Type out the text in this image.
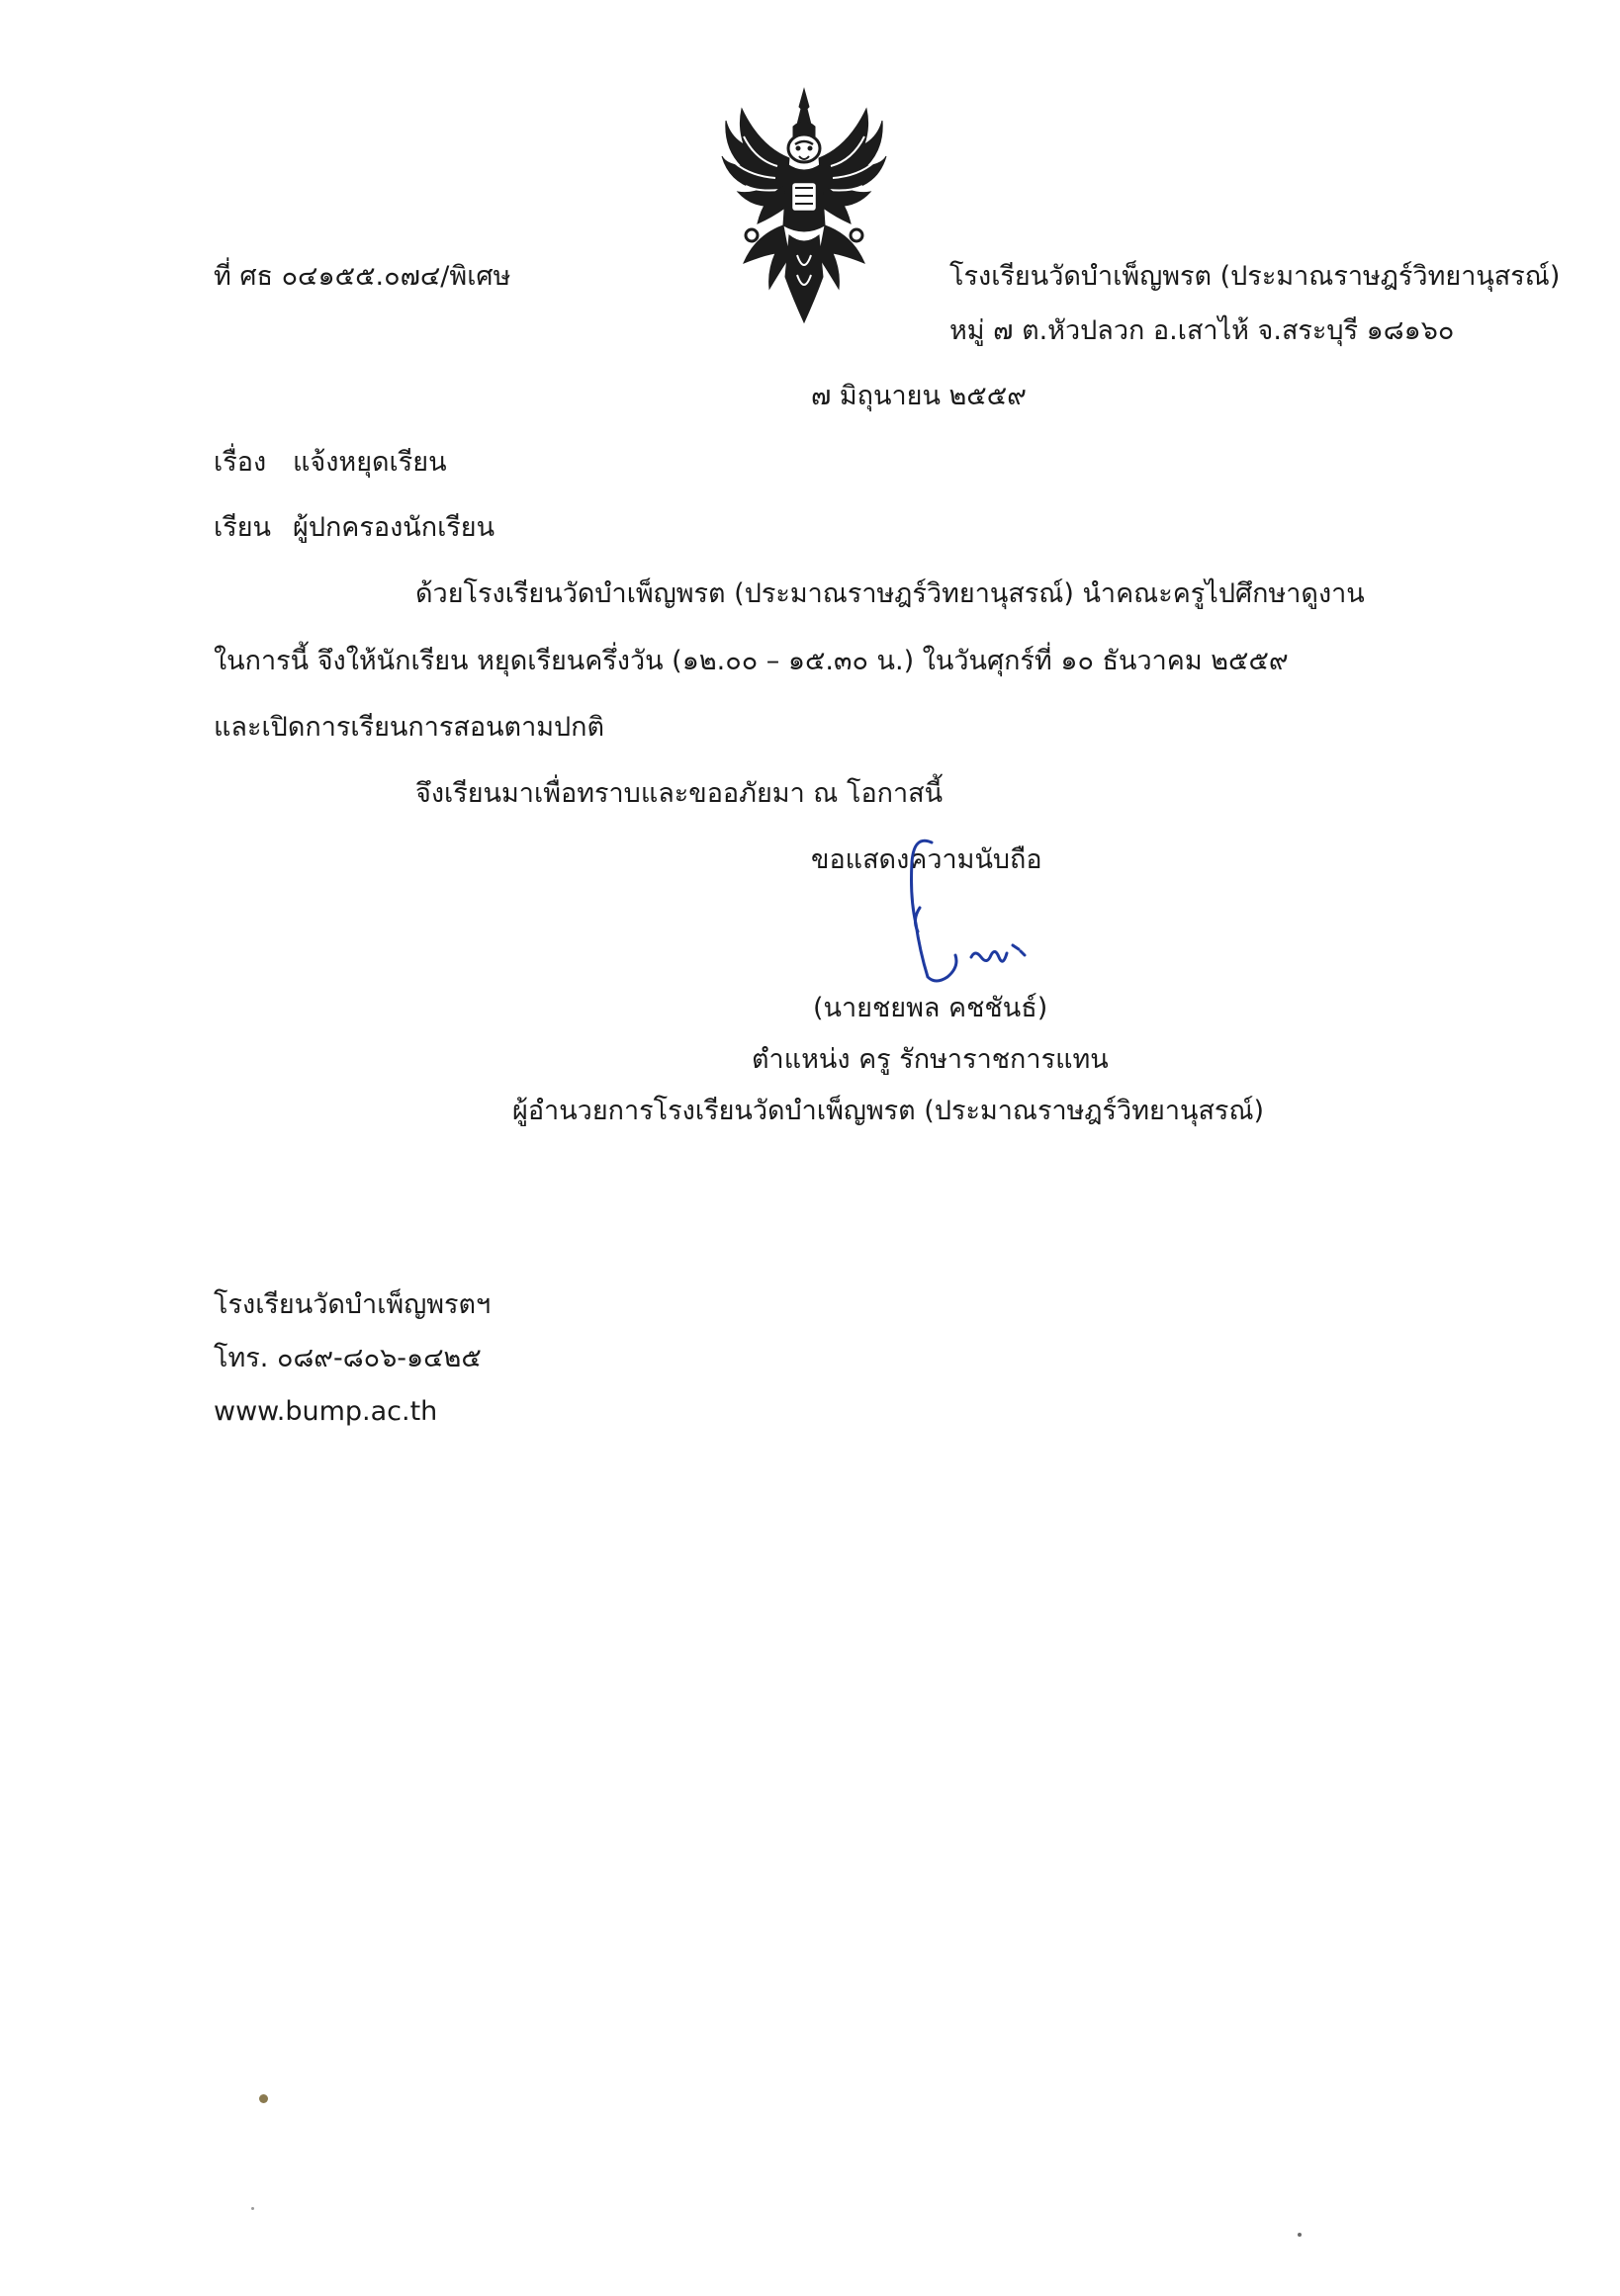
ที่ ศธ ๐๔๑๕๕.๐๗๔/พิเศษ	โรงเรียนวัดบำเพ็ญพรต (ประมาณราษฎร์วิทยานุสรณ์)
หมู่ ๗ ต.หัวปลวก อ.เสาไห้ จ.สระบุรี ๑๘๑๖๐
๗ มิถุนายน ๒๕๕๙
เรื่อง แจ้งหยุดเรียน
เรียน ผู้ปกครองนักเรียน
ด้วยโรงเรียนวัดบำเพ็ญพรต (ประมาณราษฎร์วิทยานุสรณ์) นำคณะครูไปศึกษาดูงาน
ในการนี้ จึงให้นักเรียน หยุดเรียนครึ่งวัน (๑๒.๐๐ – ๑๕.๓๐ น.) ในวันศุกร์ที่ ๑๐ ธันวาคม ๒๕๕๙
และเปิดการเรียนการสอนตามปกติ
จึงเรียนมาเพื่อทราบและขออภัยมา ณ โอกาสนี้
ขอแสดงความนับถือ
(นายชยพล คชชันธ์)
ตำแหน่ง ครู รักษาราชการแทน
ผู้อำนวยการโรงเรียนวัดบำเพ็ญพรต (ประมาณราษฎร์วิทยานุสรณ์)
โรงเรียนวัดบำเพ็ญพรตฯ
โทร. ๐๘๙-๘๐๖-๑๔๒๕
www.bump.ac.th
